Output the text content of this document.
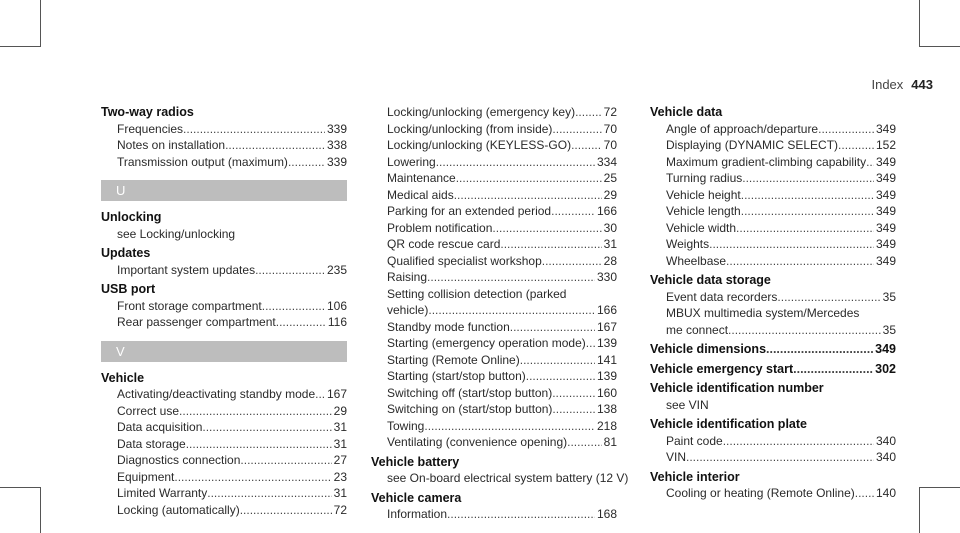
Index 443
Two-way radios
Frequencies .....	339
Notes on installation .....	338
Transmission output (maximum) .....	339
U
Unlocking
see Locking/unlocking
Updates
Important system updates .....	235
USB port
Front storage compartment .....	106
Rear passenger compartment .....	116
V
Vehicle
Activating/deactivating standby mode ..... 167
Correct use .....	29
Data acquisition .....	31
Data storage .....	31
Diagnostics connection .....	27
Equipment .....	23
Limited Warranty .....	31
Locking (automatically) .....	72
Locking/unlocking (emergency key) ..... 72
Locking/unlocking (from inside) .....	70
Locking/unlocking (KEYLESS-GO) .....	70
Lowering .....	334
Maintenance .....	25
Medical aids .....	29
Parking for an extended period .....	166
Problem notification .....	30
QR code rescue card .....	31
Qualified specialist workshop .....	28
Raising .....	330
Setting collision detection (parked
vehicle) .....	166
Standby mode function .....	167
Starting (emergency operation mode) ..... 139
Starting (Remote Online) .....	141
Starting (start/stop button) .....	139
Switching off (start/stop button) .....	160
Switching on (start/stop button) .....	138
Towing .....	218
Ventilating (convenience opening) .....	81
Vehicle battery
see On-board electrical system battery (12 V)
Vehicle camera
Information .....	168
Vehicle data
Angle of approach/departure .....	349
Displaying (DYNAMIC SELECT) .....	152
Maximum gradient-climbing capability ..... 349
Turning radius .....	349
Vehicle height .....	349
Vehicle length .....	349
Vehicle width .....	349
Weights .....	349
Wheelbase .....	349
Vehicle data storage
Event data recorders .....	35
MBUX multimedia system/Mercedes
me connect .....	35
Vehicle dimensions .....	349
Vehicle emergency start .....	302
Vehicle identification number
see VIN
Vehicle identification plate
Paint code .....	340
VIN .....	340
Vehicle interior
Cooling or heating (Remote Online) ..... 140
